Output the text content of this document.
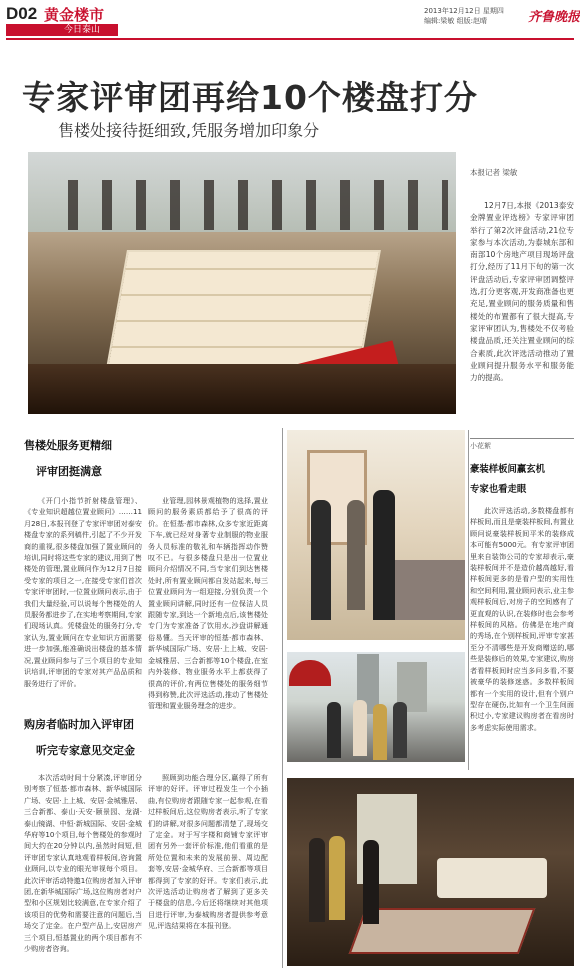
D02 黄金楼市
今日泰山
2013年12月12日 星期四
编辑:梁敏 组版:赵晴	齐鲁晚报
专家评审团再给10个楼盘打分
售楼处接待挺细致,凭服务增加印象分
本报记者 梁敏
12月7日,本报《2013泰安金牌置业评选榜》专家评审团举行了第2次评盘活动,21位专家参与本次活动,为泰城东部和南部10个房地产项目现场评盘打分,经历了11月下旬的第一次评盘活动后,专家评审团调整评选,打分更客观,开发商准备也更充足,置业顾问的服务质量和售楼处的布置都有了很大提高,专家评审团认为,售楼处不仅考验楼盘品质,还关注置业顾问的综合素质,此次评选活动推动了置业顾问提升服务水平和服务能力的提高。
售楼处服务更精细
评审团挺满意
《开门小指节折射楼盘管理》、《专业知识超越位置业顾问》……11月28日,本报刊登了专家评审团对泰安楼盘专家的系列稿件,引起了不少开发商的重视,很多楼盘加强了置业顾问的培训,同时将这些专家的建议,用到了售楼处的管理,置业顾问作为12月7日接受专家的项目之一,在接受专家们首次专家评审团时,一位置业顾问表示,由于我们大量经验,可以说每个售楼处的人员服务都进步了,在实地考察期间,专家们现场认真。凭楼盘处的服务打分,专家认为,置业顾问在专业知识方面需要进一步加强,能准确说出楼盘的基本情况,置业顾问参与了三个项目的专业知识培训,评审团的专家对其产品品质和服务进行了评价。
业管理,园林景观植物的选择,置业顾问的服务素质都给予了很高的评价。在恒基·都市森林,众多专家近距离下车,就已经对身著专业制服的物业服务人员标准的敬礼和车辆指挥动作赞叹不已。与很多楼盘只是出一位置业顾问介绍情况不同,当专家们到达售楼处时,所有置业顾问都自发站起来,每三位置业顾问为一组迎接,分别负责一个置业顾问讲解,同时还有一位保洁人员跟随专家,到达一个新地点后,该售楼处专门为专家准备了饮用水,沙盘讲解通俗易懂。当天评审的恒基·都市森林、新华城国际广场、安居·上上城、安居·金城雅居、三合新都等10个楼盘,在室内外装修、物业服务水平上都获得了很高的评价,有两位售楼处的服务细节得到称赞,此次评选活动,推动了售楼处管理和置业服务理念的进步。
购房者临时加入评审团
听完专家意见交定金
本次活动时间十分紧凑,评审团分别考察了恒基·都市森林、新华城国际广场、安居·上上城、安居·金城雅居、三合新都、泰山·天安·颐景园、龙湖·泰山镜湖、中恒·新城国际、安居·金城华府等10个项目,每个售楼处的参观时间大约在20分钟以内,虽然时间短,但评审团专家认真地观看样板间,咨询置业顾问,以专业的眼光审视每个项目。此次评审活动特邀1位购房者加入评审团,在新华城国际广场,这位购房者对户型和小区规划比较满意,在专家介绍了该项目的优势和需要注意的问题后,当场交了定金。在户型产品上,安居房产三个项目,恒基置业的两个项目都有不少购房者咨询。
照顾到功能合理分区,赢得了所有评审的好评。评审过程发生一个小插曲,有位购房者跟随专家一起参观,在看过样板间后,这位购房者表示,听了专家们的讲解,对很多问题都清楚了,现场交了定金。对于写字楼和商铺专家评审团有另外一套评价标准,他们看重的是所处位置和未来的发展前景、周边配套等,安居·金城华府、三合新都等项目都得到了专家的好评。专家们表示,此次评选活动让购房者了解到了更多关于楼盘的信息,今后还将继续对其他项目进行评审,为泰城购房者提供参考意见,评选结果将在本报刊登。
小花絮
豪装样板间赢玄机
专家也看走眼
此次评选活动,多数楼盘都有样板间,而且是豪装样板间,有置业顾问说豪装样板间平米的装修成本可能有5000元。有专家评审团里来自装饰公司的专家却表示,豪装样板间并不是造价越高越好,看样板间更多的是看户型的实用性和空间利用,置业顾问表示,业主参观样板间后,对房子的空间感有了更直观的认识,在装修时也会参考样板间的风格。仿佛是在地产商的秀场,在个别样板间,评审专家甚至分不清哪些是开发商赠送的,哪些是装修后的效果,专家建议,购房者看样板间时应当多问多看,不要被豪华的装修迷惑。多数样板间都有一个实用的设计,但有个别户型存在硬伤,比如有一个卫生间面积过小,专家建议购房者在看房时多考虑实际使用需求。
